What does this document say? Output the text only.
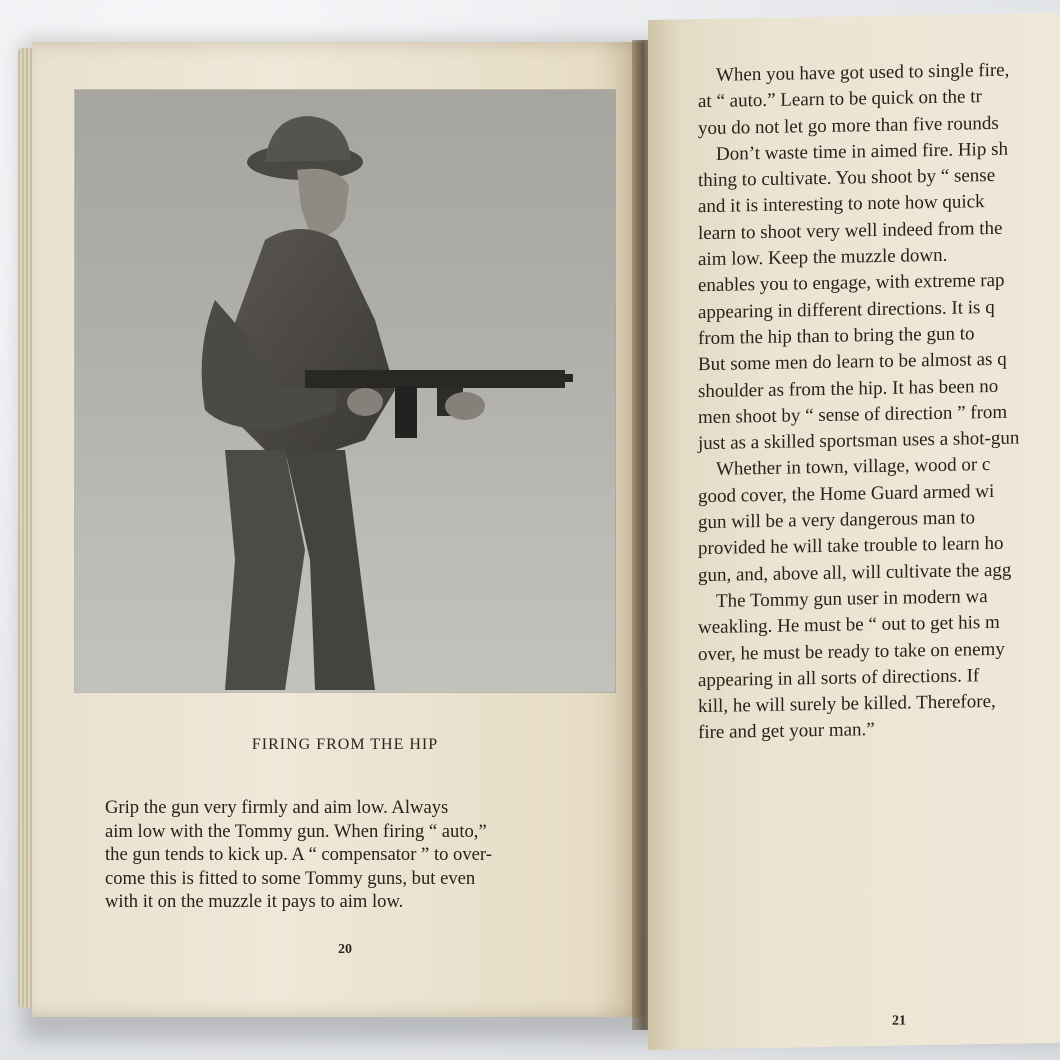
FIRING FROM THE HIP
Grip the gun very firmly and aim low. Always
aim low with the Tommy gun. When firing “ auto,”
the gun tends to kick up. A “ compensator ” to over-
come this is fitted to some Tommy guns, but even
with it on the muzzle it pays to aim low.
20
When you have got used to single fire,
at “ auto.” Learn to be quick on the tr
you do not let go more than five rounds
Don’t waste time in aimed fire. Hip sh
thing to cultivate. You shoot by “ sense
and it is interesting to note how quick
learn to shoot very well indeed from the
aim low. Keep the muzzle down.
enables you to engage, with extreme rap
appearing in different directions. It is q
from the hip than to bring the gun to
But some men do learn to be almost as q
shoulder as from the hip. It has been no
men shoot by “ sense of direction ” from
just as a skilled sportsman uses a shot-gun
Whether in town, village, wood or c
good cover, the Home Guard armed wi
gun will be a very dangerous man to
provided he will take trouble to learn ho
gun, and, above all, will cultivate the agg
The Tommy gun user in modern wa
weakling. He must be “ out to get his m
over, he must be ready to take on enemy
appearing in all sorts of directions. If
kill, he will surely be killed. Therefore,
fire and get your man.”
21
